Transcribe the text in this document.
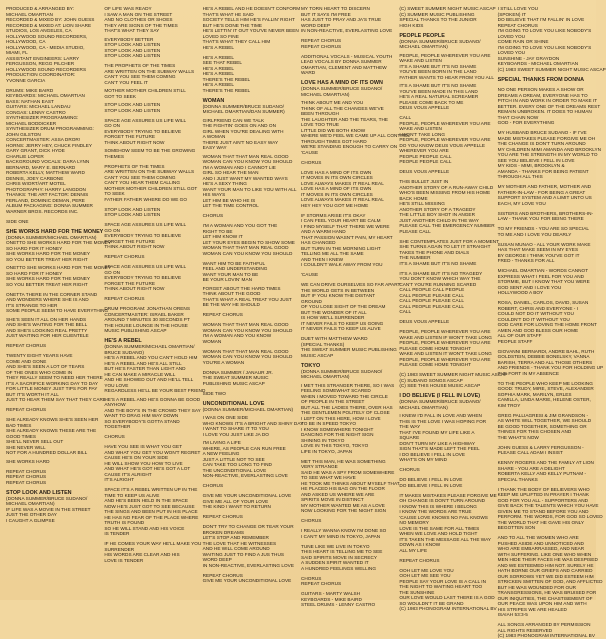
PRODUCED & ARRANGED BY:
MICHAEL OMARTIAN
RECORDED & MIXED BY: JOHN GUESS
RECORDED & MIXED AT: LION SHARE
STUDIOS, LOS ANGELES, CA
HOLLYWOOD SOUND RECORDERS,
HOLLYWOOD, CA
HOLLYWOOD, CA - MEDIA STUDIO,
MIAMI, FL
ASSISTANT ENGINEERS: LARRY
FERGUSSON, REGG PILCHER
HOLLYWOOD SOUND RECORDERS
PRODUCTION COORDINATOR:
YVONNE GARCIA
DRUMS: MIKE BAIRD
KEYBOARDS: MICHAEL OMARTIAN
BASS: NATHAN EAST
GUITARS: MICHAEL LANDAU
CONGAS: LENNY CASTRO
SYNTHESIZER PROGRAMMING:
MICHAEL BODDICKER
SYNTHESIZER DRUM PROGRAMMING:
JOHN GILSTON
CONCERTMASTER: ASSA DROR!
HORNS: JERRY HEY, CHUCK FINDLEY
GARY GRANT, DICK HYDE
CHARLIE LOPER
BACKGROUND VOCALS: DARA LYNN
BERNARD, MARY E. BERNARD
ROBERTA KELLY, MATTHEW WARD
DENNIS, JOEY CARBONE
CHRIS WIORT/ART MOTEL
PHOTOGRAPHY: HARRY LANGDON
THANKS: THE ART FACTOR: DENNIS
FERLAND, DOMINIC DEMAN, PERE
ALBUM PACKAGING: DONNA SUMMER
WARNER BROS. RECORDS INC.
SIDE ONE
SHE WORKS HARD FOR THE MONEY
(DONNA SUMMER/MICHAEL OMARTIAN)
ONETTO SHE WORKS HARD FOR THE MONEY
SO HARD FOR IT HONEY
SHE WORKS HARD FOR THE MONEY
SO YOU BETTER TREAT HER RIGHT
ONETTO SHE WORKS HARD FOR THE MONEY
SO HARD FOR IT HONEY
SHE WORKS HARD FOR THE MONEY
SO YOU BETTER TREAT HER RIGHT
ONETTA THERE IN THE CORNER STAND
AND WONDERS WHERE SHE IS AND
IT'S STRANGE TO HER
SOME PEOPLE SEEM TO HAVE EVERYTHING
SHE'S SEEN IT ALL ON HER HANDS
AND SHE'S WAITING FOR THE BELL
AND SHE'S LOOKING REAL PRETTY
JUST WAITING FOR HER CLIENTELE
REPEAT CHORUS
TWENTY EIGHT YEARS HAVE
COME AND GONE
AND SHE'S SEEN A LOT OF TEARS
OF THE ONES WHO COME IN
THEY REALLY SEEM TO NEED HER THERE
IT'S A SACRIFICE WORKING DAY TO DAY
FOR LITTLE MONEY JUST TIPS FOR PAY
BUT IT'S WORTH IT ALL
JUST TO HEAR THEM SAY THAT THEY CARE
REPEAT CHORUS
SHE ALREADY KNOWS SHE'S SEEN HER
BAD TIMES
SHE ALREADY KNOWS THESE ARE THE
GOOD TIMES
SHE'LL NEVER SELL OUT
SHE NEVER WILL
NOT FOR A HUNDRED DOLLAR BILL
SHE WORKS HARD
REPEAT CHORUS
REPEAT CHORUS
REPEAT CHORUS
STOP LOOK AND LISTEN
(DONNA SUMMER/BRUCE SUDANO/
MICHAEL OMARTIAN)
IF LIFE WAS A MOVIE IN THE STREET
JUST THE OTHER DAY
I CAUGHT A GLIMPSE
OF LIFE WAS READY
I SAW A MAN ON THE STREET
AND NO CLOTHES OR SHOES
THEY ARE SIGNS OF THE TIMES
THAT'S WHAT THEY SAY
EVERYBODY BETTER
STOP LOOK AND LISTEN
STOP LOOK AND LISTEN
STOP LOOK AND LISTEN
THE PROPHETS OF THE TIMES
ARE WRITTEN ON THE SUBWAY WALLS
CAN'T YOU SEE THEM COMING
CAN'T YOU FEEL IT
MOTHER MOTHER CHILDREN STILL
GOT TO SEEK
STOP LOOK AND LISTEN
STOP LOOK AND LISTEN
SPACE AGE ASSURES US LIFE WILL
GO ON
EVERYBODY TRYING TO BELIEVE
FORGET THE FUTURE
THINK ABOUT RIGHT NOW
SOMEHOW SEEM TO BE THE GROWING
THEMES
PROPHETS OF THE TIMES
ARE WRITTEN ON THE SUBWAY WALLS
CAN'T YOU SEE THEM COMING
CAN'T YOU HEAR THEM CALLING
MOTHER MOTHER CHILDREN STILL GOT
TO SEEK
FATHER FATHER WHERE DO WE GO
STOP LOOK AND LISTEN
STOP LOOK AND LISTEN
SPACE AGE ASSURES US LIFE WILL
GO ON
EVERYBODY TRYING TO BELIEVE
FORGET THE FUTURE
THINK ABOUT RIGHT NOW
REPEAT CHORUS
SPACE AGE ASSURES US LIFE WILL
GO ON
EVERYBODY TRYING TO BELIEVE
FORGET THE FUTURE
THINK ABOUT RIGHT NOW
REPEAT CHORUS
DRUM PROGRAM: JONATHAN ORENS
CONCERTMASTER: ISRAEL BAKER
AROUND 7 MINUTES 30 SECONDS PT
THE HOUSE LOUNGE IN THE HOUSE
MUSIC PUBLISHING ASCAP
HE'S A REBEL
(DONNA SUMMER/MICHAEL OMARTIAN/
BRUCE SUDANO)
HE'S A REBEL AND YOU CAN'T HOLD HIM
HE'S A REBEL AND HE'S ALL STILL
BUT HE'S FASTER THAN LIGHT AND
HE CAN MAKE A MIRACLE WILL
AND HE SHOWED OUT AND HE'LL TELL
YOU LOVE
REGARDLESS HE'LL BE YOUR BEST FRIEND
HE'S A REBEL AND HE'S GONNA BE GOOD
ANYHOW
AND THE BOY'S IN THE CROWD THEY SAY
WANT TO DRAG HIM WAY DOWN
SO EVERYBODY'S GOTTA STAND
TOGETHER
CHORUS
HAVE YOU SEE IS WHAT YOU GET
AND WHAT YOU GET YOU WON'T REGRET
CAUSE HE'S ON YOUR SIDE
HE WILL SHOW YOU HOW TO LIVE
AND WHAT HE'S GOT HE'S GOT A LOT
CAUSE IT'S ALRIGHT
IT'S ALRIGHT
SPACE IT'S A REBEL WRITTEN UP IN THE
TIME TO KEEP US ALIVE
AND HE'S BEEN HELD IN THE SPACE
NOW HE'S JUST GOT TO SEE BECAUSE
THE SINGS AND BEEN PUT IN HIS PLACE
HE HAS NO FEAR OF THE PLACE WHERE
TRUTH IS FOUND
SO HE WILL STAND AND HIS VOICE
IS TENDER
IF HE COMES YOUR WAY HE'LL MAKE YOU
SURRENDER
HIS WORDS ARE CLEAR AND HIS
LOVE IS TENDER
HE'S A REBEL AND HE DOESN'T CONFORM
THAT'S WHAT HE SAID
SOCIETY TELLS HIM HE'S FALLIN' RIGHT
BUT HE'S DONE THE TIME
HE'S LETTIN' IT OUT YOU'VE NEVER BEEN
LOVED SO FINE
THAT'S WHAT THEY CALL HIM
HE'S A REBEL
HE'S A REBEL
SEE THAT REBEL
HE'S A REBEL
HE'S A REBEL
THERE'S THE REBEL
HE'S A REBEL
THERE'S THE REBEL
WOMAN
(DONNA SUMMER/BRUCE SUDANO/
MICHAEL OMARTIAN/DAN SUMMER)
GIRLFRIEND CAN WE TALK
THE FIGHTIN' GOES ON AND ON
GIRL WHEN YOU'RE DEALING WITH
A WOMAN
THERE JUST AIN'T NO EASY WAY
EASY WAY
WOMAN THAT THAT MAN REAL GOOD
WOMAN CAN YOU KNOW YOU SHOULD
I'M A WOMAN AND I CANNOT LIE
GIRL SO HEAR THE MAN
AND I JUST WANT MY WANTED WAYS
HE'S A SEXY THING
WANT YOUR MAN TO LIKE YOU WITH ALL
HIS WAYS
LET HIM BE WHO HE IS
LET THE TIME CONTROL
CHORUS
I'M A WOMAN AND YOU GOT THE
RIGHT TO BE
LET HIM KNOW IT
LET YOUR EYES BEGIN TO SHOW SOME
WOMAN THAT THAT MAN REAL GOOD
WOMAN CAN YOU KNOW YOU SHOULD
WANT HIM TO BE FAITHFUL
FEEL AND UNDERSTANDING
WANT YOUR MAN TO BE
BE YOUR LOVIN' MAN
FORGET ABOUT THE HARD TIMES
THINK ABOUT THE GOOD
THAT'S WHAT A REAL TREAT YOU JUST
BE THE WAY HE SHOULD
REPEAT CHORUS
WOMAN THAT THAT MAN REAL GOOD
WOMAN CAN YOU KNOW YOU SHOULD
I'M A WOMAN AND YOU KNOW
WOMAN
WOMAN THAT THAT MAN REAL GOOD
WOMAN CAN YOU KNOW YOU SHOULD
YOU'RE A WOMAN
DONNA SUMMER / JANAUR JR.
THE SWEAT SUMMER MUSIC
PUBLISHING MUSIC ASCAP
SIDE TWO
UNCONDITIONAL LOVE
(DONNA SUMMER/MICHAEL OMARTIAN)
I WAS ON ONE SIDE
WHO KNOWS IT'S A BRIGHT AND SHINY DAY
I WANT TO SHARE IT TO YOU
I LOVE YOU JUST LIKE JA DO
I'M LIVING A LIFE
WHERE, AS PEOPLE CAN RUN FREE
A NEW FEELING
JUST A LITTLE NOT TO SEE
CAN TAKE TOO LONG TO FIND
THE UNCONDITIONAL LOVE
NON-REACTIVE, EVERLASTING LOVE
CHORUS
GIVE ME YOUR UNCONDITIONAL LOVE
GIVE ME ALL OF YOUR LOVE
THE KIND I WANT TO RETURN
REPEAT CHORUS
DON'T TRY TO CHANGE OR TEAR YOUR
BROKEN DREAMS
LET'S STOP AND REMEMBER
THE LOVE THAT HE WITNESSES
AND HE WILL COME AROUND
WAITING JUST TO FIND A JUS THUS
WORD DEEP
IN NON-REACTIVE, EVERLASTING LOVE
REPEAT CHORUS
GIVE ME YOUR UNCONDITIONAL LOVE
MY TORN HEART TO DISCERN
BUT IT SAYS I'M FREE
HAS JUST TO PRAY AND JA'S TRUE
WORD DEEP
IN NON-REACTIVE, EVERLASTING LOVE
REPEAT CHORUS
REPEAT CHORUS
ADDITIONAL VOCALS - MUSICAL YOUTH
LEAD VOCALS BY DONNA SUMMER
OMARTIAN, CLEMENT AND MATTHEW
WARD
LOVE HAS A MIND OF ITS OWN
(DONNA SUMMER/BRUCE SUDANO/
MICHAEL OMARTIAN)
THINK ABOUT ME AND YOU
THINK OF ALL THE CHANGES WE'VE
BEEN THROUGH
THE LAUGHTER AND THE TEARS, THE
LOVE TOO TRUE
LITTLE DID WE BOTH KNOW
WHERE WE'D FEEL WE CAME UP ALL CONTROL
THROUGH TIMES GOT HARD
WE'RE STANDING ENOUGH TO CARRY ON
'CAUSE
CHORUS
LOVE HAS A MIND OF ITS OWN
IT MOVES IN ITS OWN CIRCLES
LOVE ALWAYS MAKES IT REAL REAL
LOVE HAS A MIND OF ITS OWN
IT MOVES IN ITS OWN CIRCLES
LOVE ALWAYS MAKES IT REAL REAL
HEY HEY YOU GOT ME HOME
IF STORMS ARISE IT'S OKAY
I CAN FEEL YOUR HEART BE CALM
I FIND MYSELF THAT THERE WE WERE
AND A WARM HAND
THAT PASSION WASN'T PAIN, MY HEART
HAS CHANGED
BUT TURN IN THE MORNING LIGHT
TELLING ME ALL THE SAME
AND THEN I KNEW
I COULDN'T WALK AWAY FROM YOU
'CAUSE
WE CAN DRIVE OURSELVES SO FAR APART
THE WORLD GETS IN BETWEEN
BUT IF YOU KNOW THE DISTANT
GROUND
OF YOU LOSE SIGHT OF THE DREAM
BUT THE WONDER OF IT ALL
IS HOW WE'LL SURRENDER
IT NEVER FAILS TO KEEP US GOING
IT NEVER FAILS TO KEEP US ALIVE
DUET WITH MATTHEW WARD
(SPECIAL THANKS)
THE SWEAT SUMMER MUSIC PUBLISHING
MUSIC ASCAP
TOKYO
(DONNA SUMMER/BRUCE SUDANO/
MICHAEL OMARTIAN)
I MET THIS STRANGER THERE, SO I WAS
FEELING SOMEWHAT SCARED
WHEN I MOVED TOWARD THE CIRCLE
OF PEOPLE IN THE STREET
BUT ALL THE LADIES THERE, OVER HAS
THE GENTLEMEN POLITELY OF CLOSE
I LEFT ON THIS HERE, HOW I LOVE
TO BE IN SPEED TOKYO
I KNOW SOMEWHERE TONIGHT
DANCING FOR THE NIGHT SIGN
SHINING IN TOKYO
LOVE IN THIS TOKYO, TOKYO
LIFE IN TOKYO, JAPAN
MET THIS MAN, HE WAS SOMETHING
VERY STRANGE
SAID HE WAS A SPY FROM SOMEWHERE
TO SEE WHAT WE HAVE
HE TOOK ME THINKS ABOUT MYSELF THAT
HE PLACED HIS BAG ON THE FLOOR
AND ASKED US WHERE WE ARE
SPIRITS MOVE IN DISTINCT
MY MOTHER WANTED ME AS A LOVE
NOW LOOKING FOR THE NIGHT SIGN
CHORUS
I REALLY WANNA KNOW I'M DONE SO
I CAN'T MY MIND IN TOKYO, JAPAN
TUNE LIKE WE LIVE IN TOKYO
THIS HEART IS TELLING ME TO SEE
SAID SPIRITS MOVE IN SECRECY
A SUDDEN SPIRIT WANTED IT
A HUNDRED FEELINGS WELLING
CHORUS
REPEAT CHORUS
GUITARS - MARTY WALSH
KEYBOARDS - MIKE BAIRD
STEEL DRUMS - LENNY CASTRO
(C) SWEET SUMMER NIGHT MUSIC ASCAP
(C) SUMMER MUSIC PUBLISHING
SPECIAL THANKS TO THE JUNIOR
HIGH KIDS
PEOPLE PEOPLE
(DONNA SUMMER/BRUCE SUDANO/
MICHAEL OMARTIAN)
PEOPLE, PEOPLE WHEREVER YOU ARE
WAKE AND LISTEN
IT'S A SHAME BUT IT'S NO SHAME
YOU'VE BEEN BORN IN THE LAND
FATHER WANTS TO HEAR FROM YOU ALL
IT'S A SHAME BUT IT'S NO SHAME
YOU'VE BEEN MADE IN THIS LAND
HE'S A REAL NATURAL SCREAMER
PLEASE COME BACK TO ME
DEUS VOUS APPELLE
CALL
PEOPLE, PEOPLE WHEREVER YOU ARE
WAKE AND LISTEN
I WON'T TAKE LONG
PEOPLE, PEOPLE WHEREVER YOU ARE
DO YOU KNOW DEUS VOUS APPELLE
WHEREVER YOU ARE
PEOPLE PEOPLE CALL
PEOPLE PEOPLE CALL
DEUS VOUS APPELLE
THIS BULLET JUST IN
ANOTHER STORY OF A RUN-AWAY CHILD
WHO'S BEEN MISSING FROM HIS HOME
BACK HOME
HE'S STILL MISSING
ANOTHER STORY OF A TRAGEDY
THE LITTLE BOY SHOT IN ANGER
JUST ANOTHER CHILD IN THE WAY
PLEASE CALL THE EMERGENCY NUMBER
PLEASE CALL
SHE CONTEMPLATES JUST FOR A MOMENT
SHE TURNS AGAIN TO LET IT STRAIGHT
TAKES THE PHONE AND DIALS
THE NUMBER
IT'S A SHAME BUT IT'S NO SHAME
IT'S A SHAME BUT IT'S NO TRAGEDY
YOU DON'T KNOW WHICH WAY THE
CAN'T YOU'RE RUNNING SCARED
CALL PEOPLE CALL PEOPLE
CALL PEOPLE PLEASE CALL
CALL PEOPLE PLEASE CALL
CALL PEOPLE PLEASE CALL
CALL
DEUS VOUS APPELLE
PEOPLE, PEOPLE WHEREVER YOU ARE
WAKE AND LISTEN IF WON'T TAKE LONG
PEOPLE, PEOPLE WHEREVER YOU ARE
PLEASE COME HOME TONIGHT
WAKE AND LISTEN IT WON'T TAKE LONG
PEOPLE, PEOPLE WHEREVER YOU ARE
PLEASE COME HOME TONIGHT
(C) 1983 SWEET SUMMER NIGHT MUSIC ASCAP
(C) SUDANO SONGS ASCAP
(C) SEE THIS HOUSE MUSIC ASCAP
I DO BELIEVE (I FELL IN LOVE)
(DONNA SUMMER/BRUCE SUDANO/
MICHAEL OMARTIAN)
I KNEW I'D FALL IN LOVE AND WHEN
THIS IS THE LOVE I WAS HOPING FOR
THE WAY
THAT I'VE FOUND MY LIFE LIKE A
SQUARE
DON'T TURN MY LIKE A HIGHWAY
SIGN THAT'S MADE LEFT THE FEEL
I DO BELIEVE I FELL IN LOVE
WHAT'S ON MY MIND
CHORUS
DO BELIEVE I FELL IN LOVE
DO BELIEVE I FELL IN LOVE
IT MAKES MISTAKES PLEASE FORGIVE ME
OH CHANGE IS DON'T TURN AROUND
I KNOW THIS IS WHERE I BELONG
I KNOW THE WORDS ARE TRUE
'CAUSE LOVE KNOWS NO FAIL KNOWS
NO MEMORY
LOVE IS THE SAME FOR ALL TIMES
WHEN WE LOVE AND HOLD TIGHT
IT'S TAKEN THE MESSAGE ALL THE WAY
DOWN AS I KNOW
ALL MY LIFE
REPEAT CHORUS
OOH LET ME LOVE YOU
OOH LET ME SEE YOU
PEOPLE SAY YOUR LOVE IS A CALL IN
THE NIGHT TO WAITING HEART TOO
THE SUNSHINE
OUR LOVE WOULD LAST THERE IS A GOD
SO WOULDN'T IT BE GRAND
(C) 1983 PHONOGRAM INTERNATIONAL BV
I STILL LOVE YOU
(SPOKEN) IT
DO BELIEVE THAT I'M FALLIN' IN LOVE
REPEAT CHORUS
I'M GOING TO LOVE YOU LIKE NOBODY'S
LOVED YOU
COME RAIN OR SHINE
I'M GOING TO LOVE YOU LIKE NOBODY'S
LOVED YOU
SUNSHINE - JAY GRAYDON
KEYBOARDS - MICHAEL OMARTIAN
(C) 1983 SWEET SUMMER NIGHT MUSIC ASCAP
SPECIAL THANKS FROM DONNA
NO ONE PERSON MAKES A SHOW OR
DREAMS A DREAM, EVERYONE HAS TO
PITCH IN AND WORK IN ORDER TO MAKE IT
BETTER. EVERY ONE OF THE DREAMS REST
REMAIN UNBROKEN. IT DOES TO HUMAN
THAT CHAIN NOW
GOD - FOR EVERYTHING
MY HUSBAND BRUCE SUDANO - IF I'VE
MADE MISTAKES PLEASE FORGIVE ME OH
THE CHANGE IS DON'T TURN AROUND
MY CHILDREN MIMI AMANDA AND BROOKLYN
YOU ARE THE STRENGTH IN MY WORLD TO
SEE YOU BELIEVE I FELL IN LOVE
MY KIDS - MIMI, BROOKLYN &
AMANDA - THANKS FOR BEING PATIENT
THROUGH ALL THIS
MY MOTHER AND FATHER, MOTHER AND
FATHER-IN-LAW - FOR BEING A GREAT
SUPPORT SYSTEM AND A LIMIT UNTO US
EACH, MY LOVE YOU
SISTERS AND BROTHERS, BROTHERS-IN-
LAW - THANK YOU FOR BEING THERE
TO MY FRIENDS - YOU ARE SO SPECIAL
TO ME AND I LOVE YOU DEARLY
SUSAN MUNAO - ALL YOUR WORK MAKE
HAS THAT MAKE SEEM IN MY EYES
BY GEORGE I THINK YOU'VE GOT IT
FRED - THANKS FOR ALL
MICHAEL OMARTIAN - WORDS CANNOT
EXPRESS WHAT I FEEL FOR YOU AND
STORMIE, BUT I KNOW THAT YOU WERE
GOD SENT AND I LOVE YOU
HOLLYWOOD A BOY
ROSA, DANIEL, CARLOS, DAVID, SUSAN
ROBERT, CHRIS AND EVERYONE - I
COULD NOT DO IT WITHOUT YOU
COULDN'T DO IT WITHOUT YOU
GOD CARE FOR LOVING THE HOME FRONT
AMEN AND GOD BLESS OUR HOME
ALL OF OUR STAFF
PEOPLE STAFF
GIOVANNI BERNARDI, ANDRE BAHL, RUTH
GOLDSTEIN, DEBBIE BONELSKY, VANNA
BARISH, TERRA AND ALL THOSE OTHERS
AND FRIENDS - THANK YOU FOR HOLDING UP
THE FORT IN MY ABSENCE
TO THE PEOPLE WHO KEEP ME LOOKING
GOOD: TRUDY, MIRE, STEVE, ALEXANDER
SOPHIA MARK, MARILYN, ERLES
CAMILLA, LINDA MARIE, HELENE OSTER,
KIM TROY
GREG PALLIAGRESI & JIM GRANDSON -
AS WHITE WILL TOGETHER, WE SHOULD
BE GOOD TOGETHER, SOMETHING OR
THINGS FOR THIS CHOSEN AND
THE WHAT'S NOW
JOHN GUESS & LARRY FERGUSSON -
PLEASE CALL ADAM I INSIST
KENNY ROGERS AND THE FAMILY AT LION
SHARE - YOU ARE A DELIGHT
ROBERTA KELLY AND KELLY PUTNAM -
SPECIAL THANKS
I THANK THE BODY OF BELIEVERS WHO
KEEP ME UPLIFTED IN PRAYER I THANK
GOD FOR YOU ALL - SUPPORTERS AND
GIVE BACK THE TALENTS WHICH YOU HAVE
GIVEN ME TO STAND BEFORE YOU AND
PERFORM. THE WORDS, FOR GOD SO LOVED
THE WORLD THAT HE GAVE HIS ONLY
BEGOTTEN SON
AND TO ALL THE WOMEN WHO ARE
PUSHED ASIDE AND UNNOTICED AND
WHO ARE EMBARRASSED, AND NEAR
WITH SUFFERING. LIKE ONE WHO WHEN
MEN HIDE THEIR FACES HE WAS DESPISED
AND WE ESTEEMED HIM NOT. SURELY HE
HATH BORNE OUR GRIEFS AND CARRIED
OUR SORROWS YET WE DID ESTEEM HIM
STRICKEN SMITTEN OF GOD, AND AFFLICTED
BUT HE WAS WOUNDED FOR OUR
TRANSGRESSIONS, HE WAS BRUISED FOR
OUR INIQUITIES, THE CHASTISEMENT OF
OUR PEACE WAS UPON HIM AND WITH
HIS STRIPES WE ARE HEALED
ISAIAH 53:3-5
ALL SONGS ARRANGED BY PERMISSION
ALL RIGHTS RESERVED
(C) 1983 PHONOGRAM INTERNATIONAL BV
